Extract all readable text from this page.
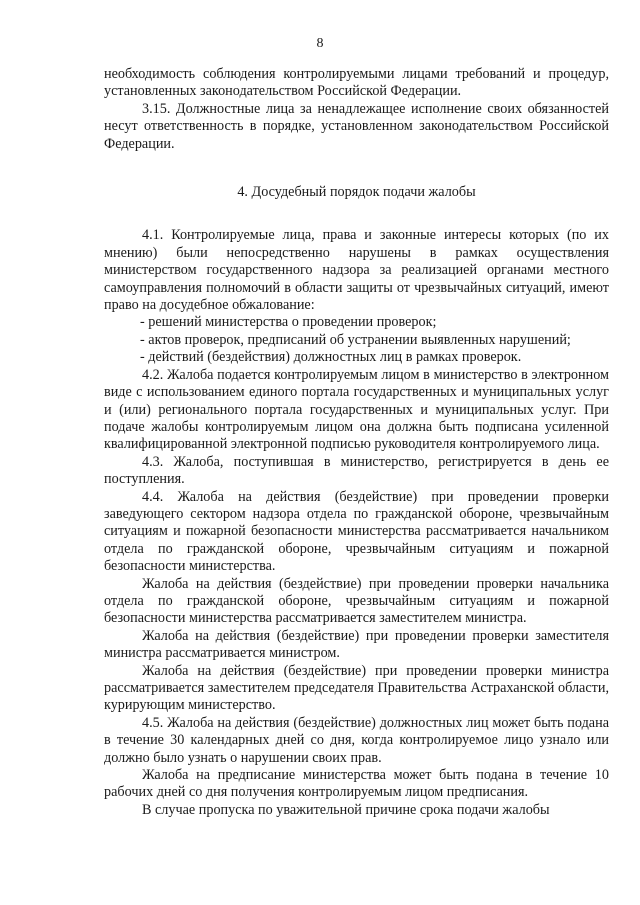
8

необходимость соблюдения контролируемыми лицами требований и процедур, установленных законодательством Российской Федерации.

3.15. Должностные лица за ненадлежащее исполнение своих обязанностей несут ответственность в порядке, установленном законодательством Российской Федерации.

4. Досудебный порядок подачи жалобы

4.1. Контролируемые лица, права и законные интересы которых (по их мнению) были непосредственно нарушены в рамках осуществления министерством государственного надзора за реализацией органами местного самоуправления полномочий в области защиты от чрезвычайных ситуаций, имеют право на досудебное обжалование:

- решений министерства о проведении проверок;

- актов проверок, предписаний об устранении выявленных нарушений;

- действий (бездействия) должностных лиц в рамках проверок.

4.2. Жалоба подается контролируемым лицом в министерство в электронном виде с использованием единого портала государственных и муниципальных услуг и (или) регионального портала государственных и муниципальных услуг. При подаче жалобы контролируемым лицом она должна быть подписана усиленной квалифицированной электронной подписью руководителя контролируемого лица.

4.3. Жалоба, поступившая в министерство, регистрируется в день ее поступления.

4.4. Жалоба на действия (бездействие) при проведении проверки заведующего сектором надзора отдела по гражданской обороне, чрезвычайным ситуациям и пожарной безопасности министерства рассматривается начальником отдела по гражданской обороне, чрезвычайным ситуациям и пожарной безопасности министерства.

Жалоба на действия (бездействие) при проведении проверки начальника отдела по гражданской обороне, чрезвычайным ситуациям и пожарной безопасности министерства рассматривается заместителем министра.

Жалоба на действия (бездействие) при проведении проверки заместителя министра рассматривается министром.

Жалоба на действия (бездействие) при проведении проверки министра рассматривается заместителем председателя Правительства Астраханской области, курирующим министерство.

4.5. Жалоба на действия (бездействие) должностных лиц может быть подана в течение 30 календарных дней со дня, когда контролируемое лицо узнало или должно было узнать о нарушении своих прав.

Жалоба на предписание министерства может быть подана в течение 10 рабочих дней со дня получения контролируемым лицом предписания.

В случае пропуска по уважительной причине срока подачи жалобы
